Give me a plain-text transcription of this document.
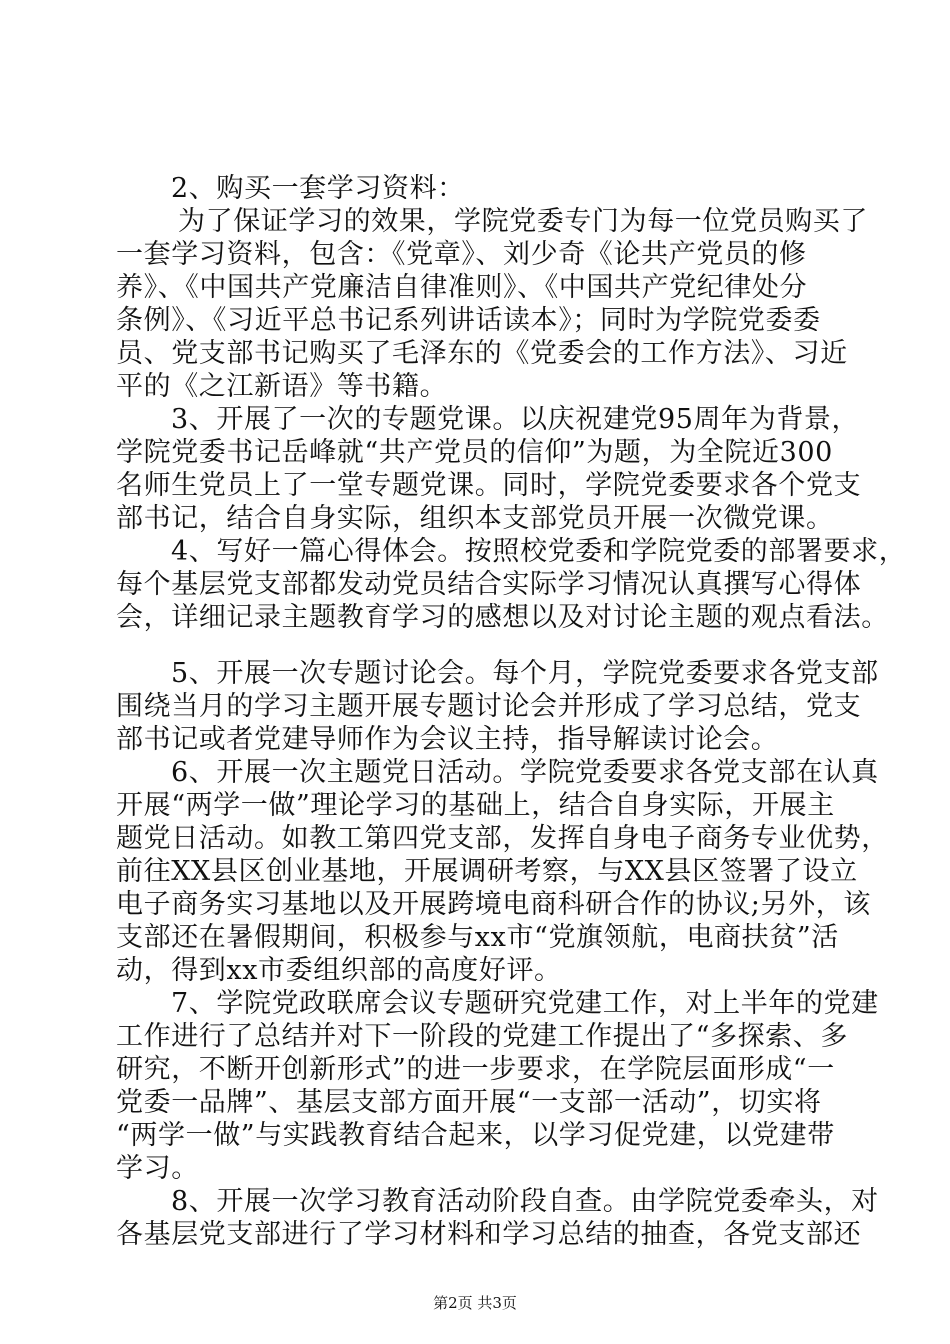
2、购买一套学习资料：
为了保证学习的效果，学院党委专门为每一位党员购买了
一套学习资料，包含：《党章》、刘少奇《论共产党员的修
养》、《中国共产党廉洁自律准则》、《中国共产党纪律处分
条例》、《习近平总书记系列讲话读本》；同时为学院党委委
员、党支部书记购买了毛泽东的《党委会的工作方法》、习近
平的《之江新语》等书籍。
3、开展了一次的专题党课。以庆祝建党95周年为背景，
学院党委书记岳峰就“共产党员的信仰”为题，为全院近300
名师生党员上了一堂专题党课。同时，学院党委要求各个党支
部书记，结合自身实际，组织本支部党员开展一次微党课。
4、写好一篇心得体会。按照校党委和学院党委的部署要求，
每个基层党支部都发动党员结合实际学习情况认真撰写心得体
会，详细记录主题教育学习的感想以及对讨论主题的观点看法。
5、开展一次专题讨论会。每个月，学院党委要求各党支部
围绕当月的学习主题开展专题讨论会并形成了学习总结，党支
部书记或者党建导师作为会议主持，指导解读讨论会。
6、开展一次主题党日活动。学院党委要求各党支部在认真
开展“两学一做”理论学习的基础上，结合自身实际，开展主
题党日活动。如教工第四党支部，发挥自身电子商务专业优势，
前往XX县区创业基地，开展调研考察，与XX县区签署了设立
电子商务实习基地以及开展跨境电商科研合作的协议;另外，该
支部还在暑假期间，积极参与xx市“党旗领航，电商扶贫”活
动，得到xx市委组织部的高度好评。
7、学院党政联席会议专题研究党建工作，对上半年的党建
工作进行了总结并对下一阶段的党建工作提出了“多探索、多
研究，不断开创新形式”的进一步要求，在学院层面形成“一
党委一品牌”、基层支部方面开展“一支部一活动”，切实将
“两学一做”与实践教育结合起来，以学习促党建，以党建带
学习。
8、开展一次学习教育活动阶段自查。由学院党委牵头，对
各基层党支部进行了学习材料和学习总结的抽查，各党支部还
第2页 共3页
